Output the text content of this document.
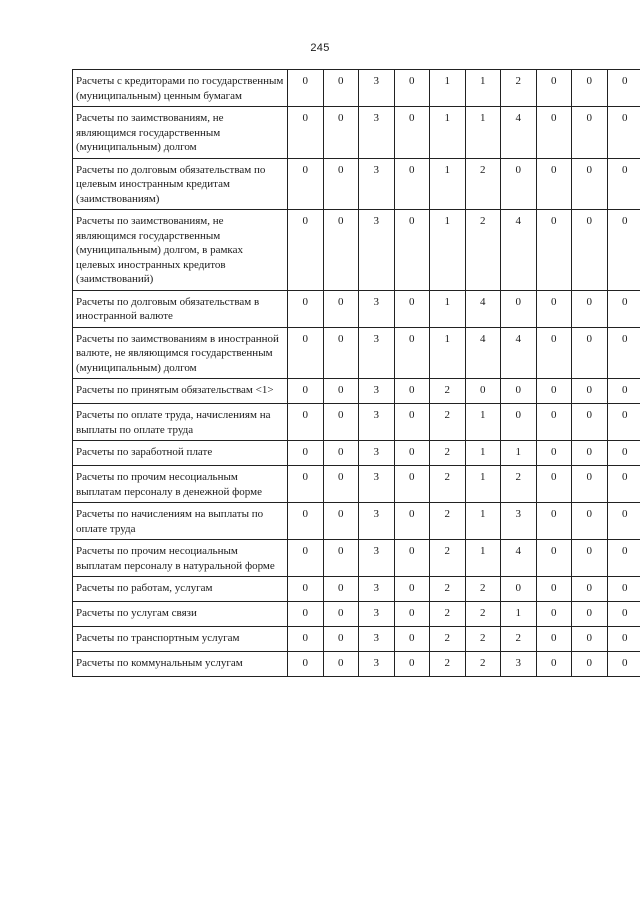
245
Расчеты с кредиторами по государственным (муниципальным) ценным бумагам	0	0	3	0	1	1	2	0	0	0
Расчеты по заимствованиям, не являющимся государственным (муниципальным) долгом	0	0	3	0	1	1	4	0	0	0
Расчеты по долговым обязательствам по целевым иностранным кредитам (заимствованиям)	0	0	3	0	1	2	0	0	0	0
Расчеты по заимствованиям, не являющимся государственным (муниципальным) долгом, в рамках целевых иностранных кредитов (заимствований)	0	0	3	0	1	2	4	0	0	0
Расчеты по долговым обязательствам в иностранной валюте	0	0	3	0	1	4	0	0	0	0
Расчеты по заимствованиям в иностранной валюте, не являющимся государственным (муниципальным) долгом	0	0	3	0	1	4	4	0	0	0
Расчеты по принятым обязательствам <1>	0	0	3	0	2	0	0	0	0	0
Расчеты по оплате труда, начислениям на выплаты по оплате труда	0	0	3	0	2	1	0	0	0	0
Расчеты по заработной плате	0	0	3	0	2	1	1	0	0	0
Расчеты по прочим несоциальным выплатам персоналу в денежной форме	0	0	3	0	2	1	2	0	0	0
Расчеты по начислениям на выплаты по оплате труда	0	0	3	0	2	1	3	0	0	0
Расчеты по прочим несоциальным выплатам персоналу в натуральной форме	0	0	3	0	2	1	4	0	0	0
Расчеты по работам, услугам	0	0	3	0	2	2	0	0	0	0
Расчеты по услугам связи	0	0	3	0	2	2	1	0	0	0
Расчеты по транспортным услугам	0	0	3	0	2	2	2	0	0	0
Расчеты по коммунальным услугам	0	0	3	0	2	2	3	0	0	0
